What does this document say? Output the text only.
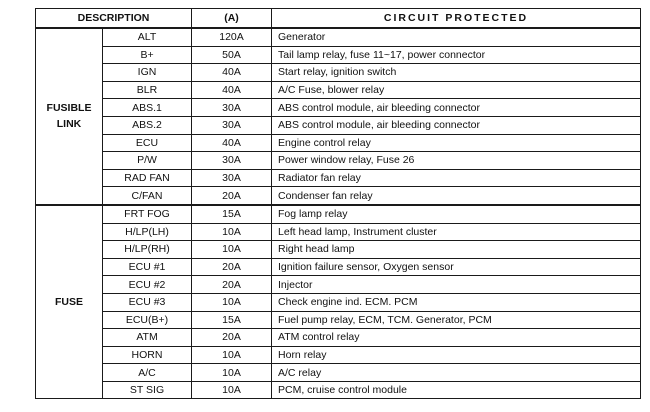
DESCRIPTION		(A)	CIRCUIT PROTECTED

FUSIBLE
LINK	ALT	120A	Generator
	B+	50A	Tail lamp relay, fuse 11~17, power connector
	IGN	40A	Start relay, ignition switch
	BLR	40A	A/C Fuse, blower relay
	ABS.1	30A	ABS control module, air bleeding connector
	ABS.2	30A	ABS control module, air bleeding connector
	ECU	40A	Engine control relay
	P/W	30A	Power window relay, Fuse 26
	RAD FAN	30A	Radiator fan relay
	C/FAN	20A	Condenser fan relay

FUSE	FRT FOG	15A	Fog lamp relay
	H/LP(LH)	10A	Left head lamp, Instrument cluster
	H/LP(RH)	10A	Right head lamp
	ECU #1	20A	Ignition failure sensor, Oxygen sensor
	ECU #2	20A	Injector
	ECU #3	10A	Check engine ind. ECM. PCM
	ECU(B+)	15A	Fuel pump relay, ECM, TCM. Generator, PCM
	ATM	20A	ATM control relay
	HORN	10A	Horn relay
	A/C	10A	A/C relay
	ST SIG	10A	PCM, cruise control module
